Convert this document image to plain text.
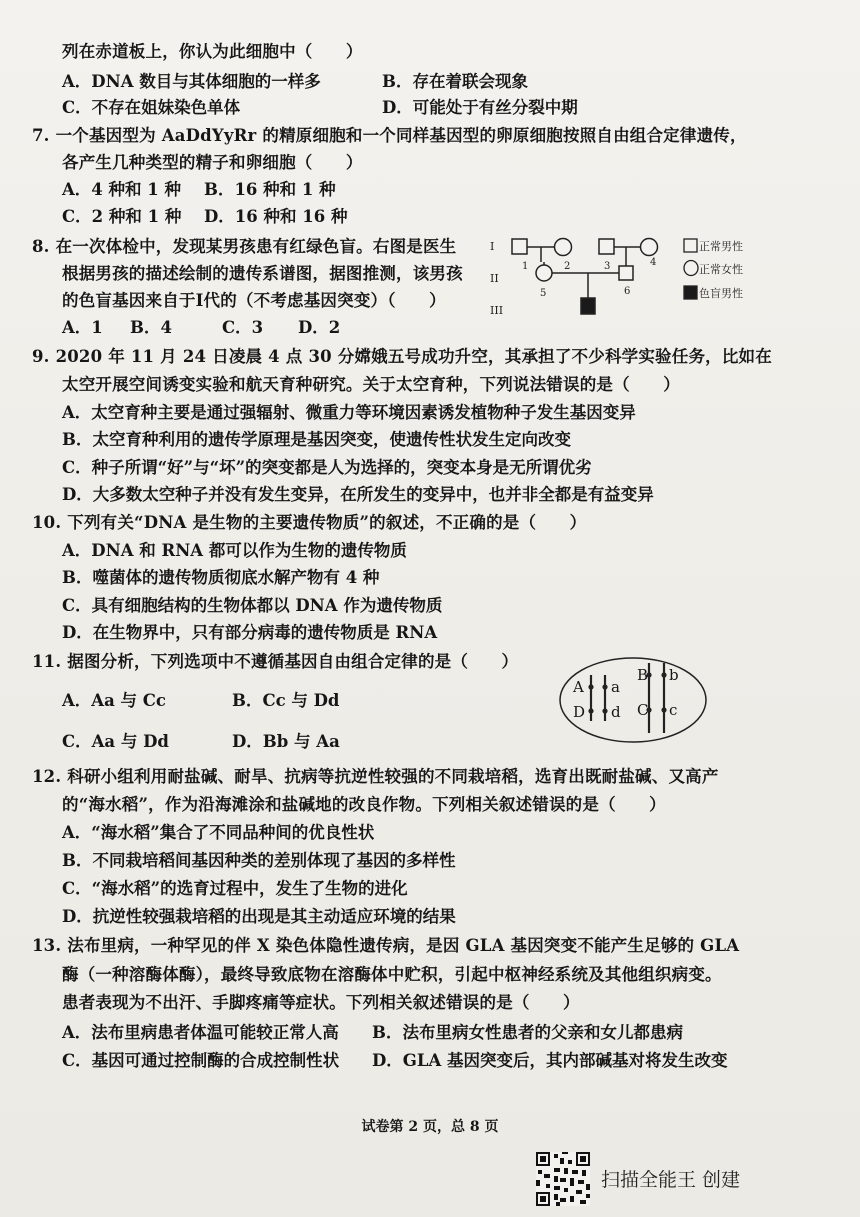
列在赤道板上，你认为此细胞中（　　）
A．DNA 数目与其体细胞的一样多	B．存在着联会现象
C．不存在姐妹染色单体	D．可能处于有丝分裂中期
7. 一个基因型为 AaDdYyRr 的精原细胞和一个同样基因型的卵原细胞按照自由组合定律遗传，
各产生几种类型的精子和卵细胞（　　）
A．4 种和 1 种 B．16 种和 1 种
C．2 种和 1 种 D．16 种和 16 种
8. 在一次体检中，发现某男孩患有红绿色盲。右图是医生
根据男孩的描述绘制的遗传系谱图，据图推测，该男孩
的色盲基因来自于I代的（不考虑基因突变）（　　）
A．1 B．4	C．3 D．2
I
II
III
1	2	3	4
5	6
正常男性
正常女性
色盲男性
9. 2020 年 11 月 24 日凌晨 4 点 30 分嫦娥五号成功升空，其承担了不少科学实验任务，比如在
太空开展空间诱变实验和航天育种研究。关于太空育种，下列说法错误的是（　　）
A．太空育种主要是通过强辐射、微重力等环境因素诱发植物种子发生基因变异
B．太空育种利用的遗传学原理是基因突变，使遗传性状发生定向改变
C．种子所谓“好”与“坏”的突变都是人为选择的，突变本身是无所谓优劣
D．大多数太空种子并没有发生变异，在所发生的变异中，也并非全都是有益变异
10. 下列有关“DNA 是生物的主要遗传物质”的叙述，不正确的是（　　）
A．DNA 和 RNA 都可以作为生物的遗传物质
B．噬菌体的遗传物质彻底水解产物有 4 种
C．具有细胞结构的生物体都以 DNA 作为遗传物质
D．在生物界中，只有部分病毒的遗传物质是 RNA
11. 据图分析，下列选项中不遵循基因自由组合定律的是（　　）
A．Aa 与 Cc	B．Cc 与 Dd
C．Aa 与 Dd	D．Bb 与 Aa
A a
D d
B b
C c
12. 科研小组利用耐盐碱、耐旱、抗病等抗逆性较强的不同栽培稻，选育出既耐盐碱、又高产
的“海水稻”，作为沿海滩涂和盐碱地的改良作物。下列相关叙述错误的是（　　）
A．“海水稻”集合了不同品种间的优良性状
B．不同栽培稻间基因种类的差别体现了基因的多样性
C．“海水稻”的选育过程中，发生了生物的进化
D．抗逆性较强栽培稻的出现是其主动适应环境的结果
13. 法布里病，一种罕见的伴 X 染色体隐性遗传病，是因 GLA 基因突变不能产生足够的 GLA
酶（一种溶酶体酶），最终导致底物在溶酶体中贮积，引起中枢神经系统及其他组织病变。
患者表现为不出汗、手脚疼痛等症状。下列相关叙述错误的是（　　）
A．法布里病患者体温可能较正常人高 B．法布里病女性患者的父亲和女儿都患病
C．基因可通过控制酶的合成控制性状 D．GLA 基因突变后，其内部碱基对将发生改变
试卷第 2 页，总 8 页
扫描全能王 创建
